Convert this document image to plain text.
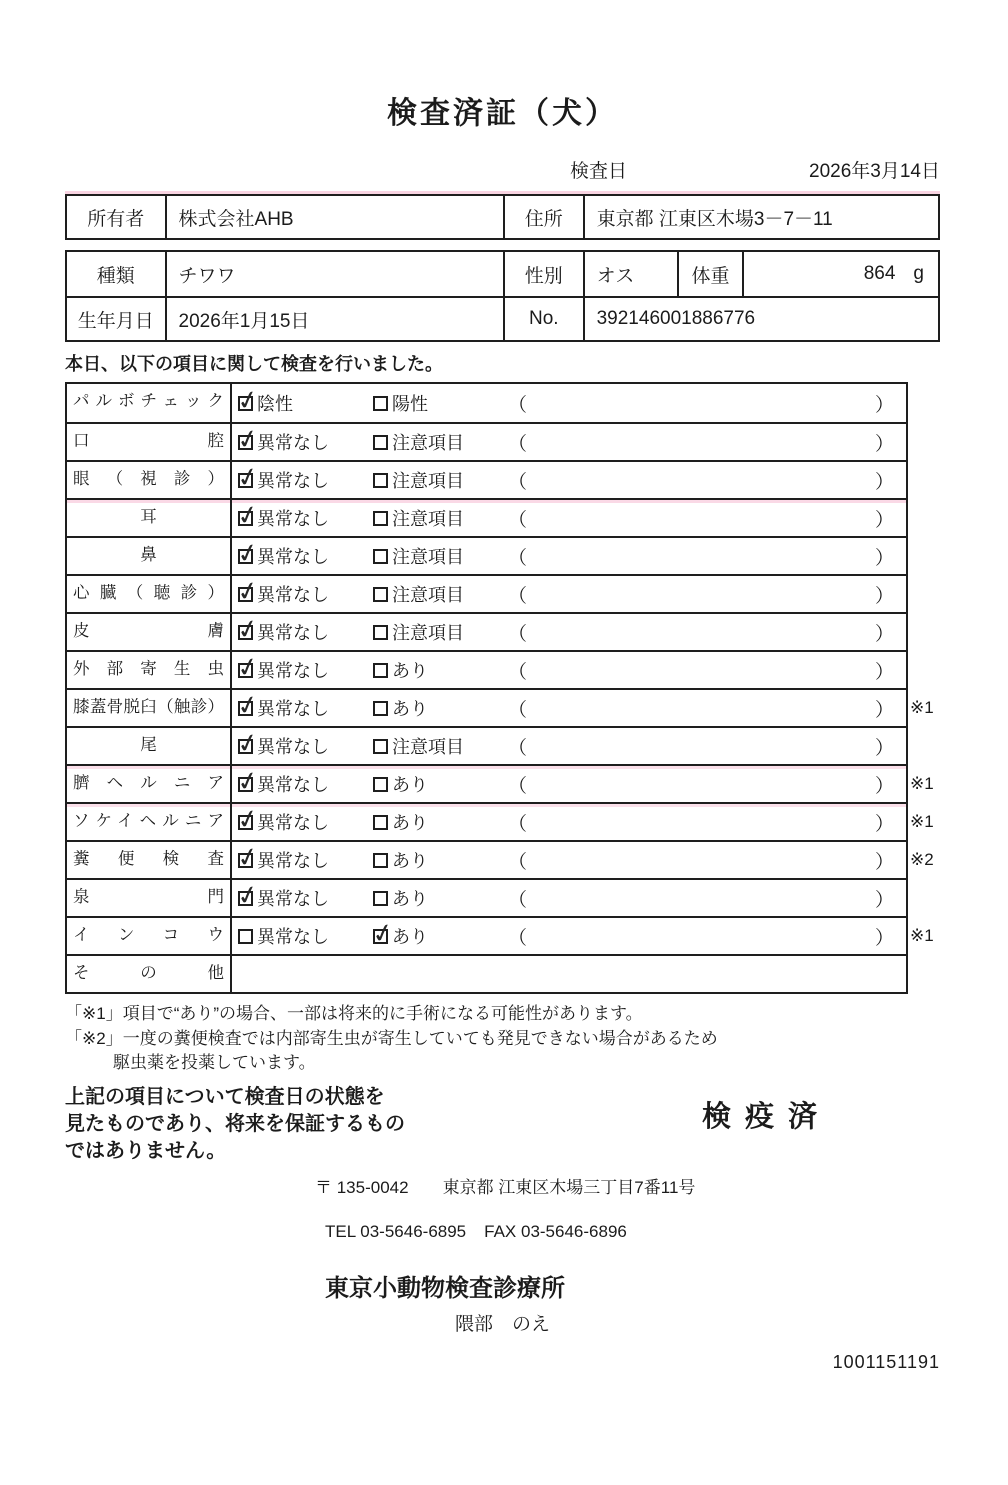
検査済証（犬）
検査日	2026年3月14日
所有者	株式会社AHB	住所	東京都 江東区木場3－7－11
種類	チワワ	性別	オス	体重	864 g
生年月日	2026年1月15日	No.	392146001886776
本日、以下の項目に関して検査を行いました。
パルボチェック ✓	陰性	陽性	（	）
口腔 ✓	異常なし	注意項目 （	）
眼（視診） ✓	異常なし	注意項目 （	）
耳 ✓	異常なし	注意項目 （	）
鼻 ✓	異常なし	注意項目 （	）
心臓（聴診） ✓	異常なし	注意項目 （	）
皮膚 ✓	異常なし	注意項目 （	）
外部寄生虫 ✓	異常なし	あり	（	）
膝蓋骨脱臼（触診） ✓	異常なし	あり	（	） ※1
尾 ✓	異常なし	注意項目 （	）
臍ヘルニア ✓	異常なし	あり	（	） ※1
ソケイヘルニア ✓	異常なし	あり	（	） ※1
糞便検査 ✓	異常なし	あり	（	） ※2
泉門 ✓	異常なし	あり	（	）
インコウ	異常なし ✓	あり	（	） ※1
その他
「※1」項目で“あり”の場合、一部は将来的に手術になる可能性があります。
「※2」一度の糞便検査では内部寄生虫が寄生していても発見できない場合があるため
駆虫薬を投薬しています。
上記の項目について検査日の状態を
見たものであり、将来を保証するもの
ではありません。
検疫済
〒 135-0042 東京都 江東区木場三丁目7番11号
TEL 03-5646-6895 FAX 03-5646-6896
東京小動物検査診療所
隈部　のえ
1001151191
